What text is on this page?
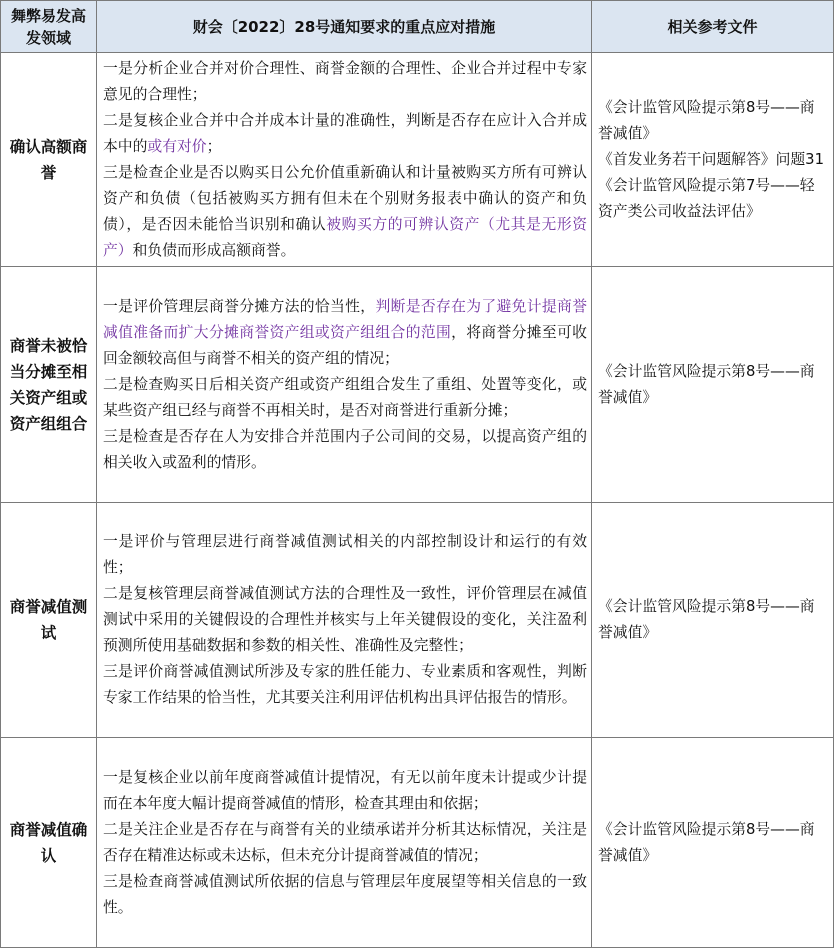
舞弊易发高发领域	财会〔2022〕28号通知要求的重点应对措施	相关参考文件
确认高额商誉	一是分析企业合并对价合理性、商誉金额的合理性、企业合并过程中专家意见的合理性；
二是复核企业合并中合并成本计量的准确性，判断是否存在应计入合并成本中的或有对价；
三是检查企业是否以购买日公允价值重新确认和计量被购买方所有可辨认资产和负债（包括被购买方拥有但未在个别财务报表中确认的资产和负债），是否因未能恰当识别和确认被购买方的可辨认资产（尤其是无形资产）和负债而形成高额商誉。	《会计监管风险提示第8号——商誉减值》
《首发业务若干问题解答》问题31
《会计监管风险提示第7号——轻资产类公司收益法评估》

商誉未被恰当分摊至相关资产组或资产组组合	一是评价管理层商誉分摊方法的恰当性，判断是否存在为了避免计提商誉减值准备而扩大分摊商誉资产组或资产组组合的范围，将商誉分摊至可收回金额较高但与商誉不相关的资产组的情况；
二是检查购买日后相关资产组或资产组组合发生了重组、处置等变化，或某些资产组已经与商誉不再相关时，是否对商誉进行重新分摊；
三是检查是否存在人为安排合并范围内子公司间的交易，以提高资产组的相关收入或盈利的情形。	《会计监管风险提示第8号——商誉减值》

商誉减值测试	一是评价与管理层进行商誉减值测试相关的内部控制设计和运行的有效性；
二是复核管理层商誉减值测试方法的合理性及一致性，评价管理层在减值测试中采用的关键假设的合理性并核实与上年关键假设的变化，关注盈利预测所使用基础数据和参数的相关性、准确性及完整性；
三是评价商誉减值测试所涉及专家的胜任能力、专业素质和客观性，判断专家工作结果的恰当性，尤其要关注利用评估机构出具评估报告的情形。	《会计监管风险提示第8号——商誉减值》

商誉减值确认	一是复核企业以前年度商誉减值计提情况，有无以前年度未计提或少计提而在本年度大幅计提商誉减值的情形，检查其理由和依据；
二是关注企业是否存在与商誉有关的业绩承诺并分析其达标情况，关注是否存在精准达标或未达标，但未充分计提商誉减值的情况；
三是检查商誉减值测试所依据的信息与管理层年度展望等相关信息的一致性。	《会计监管风险提示第8号——商誉减值》
